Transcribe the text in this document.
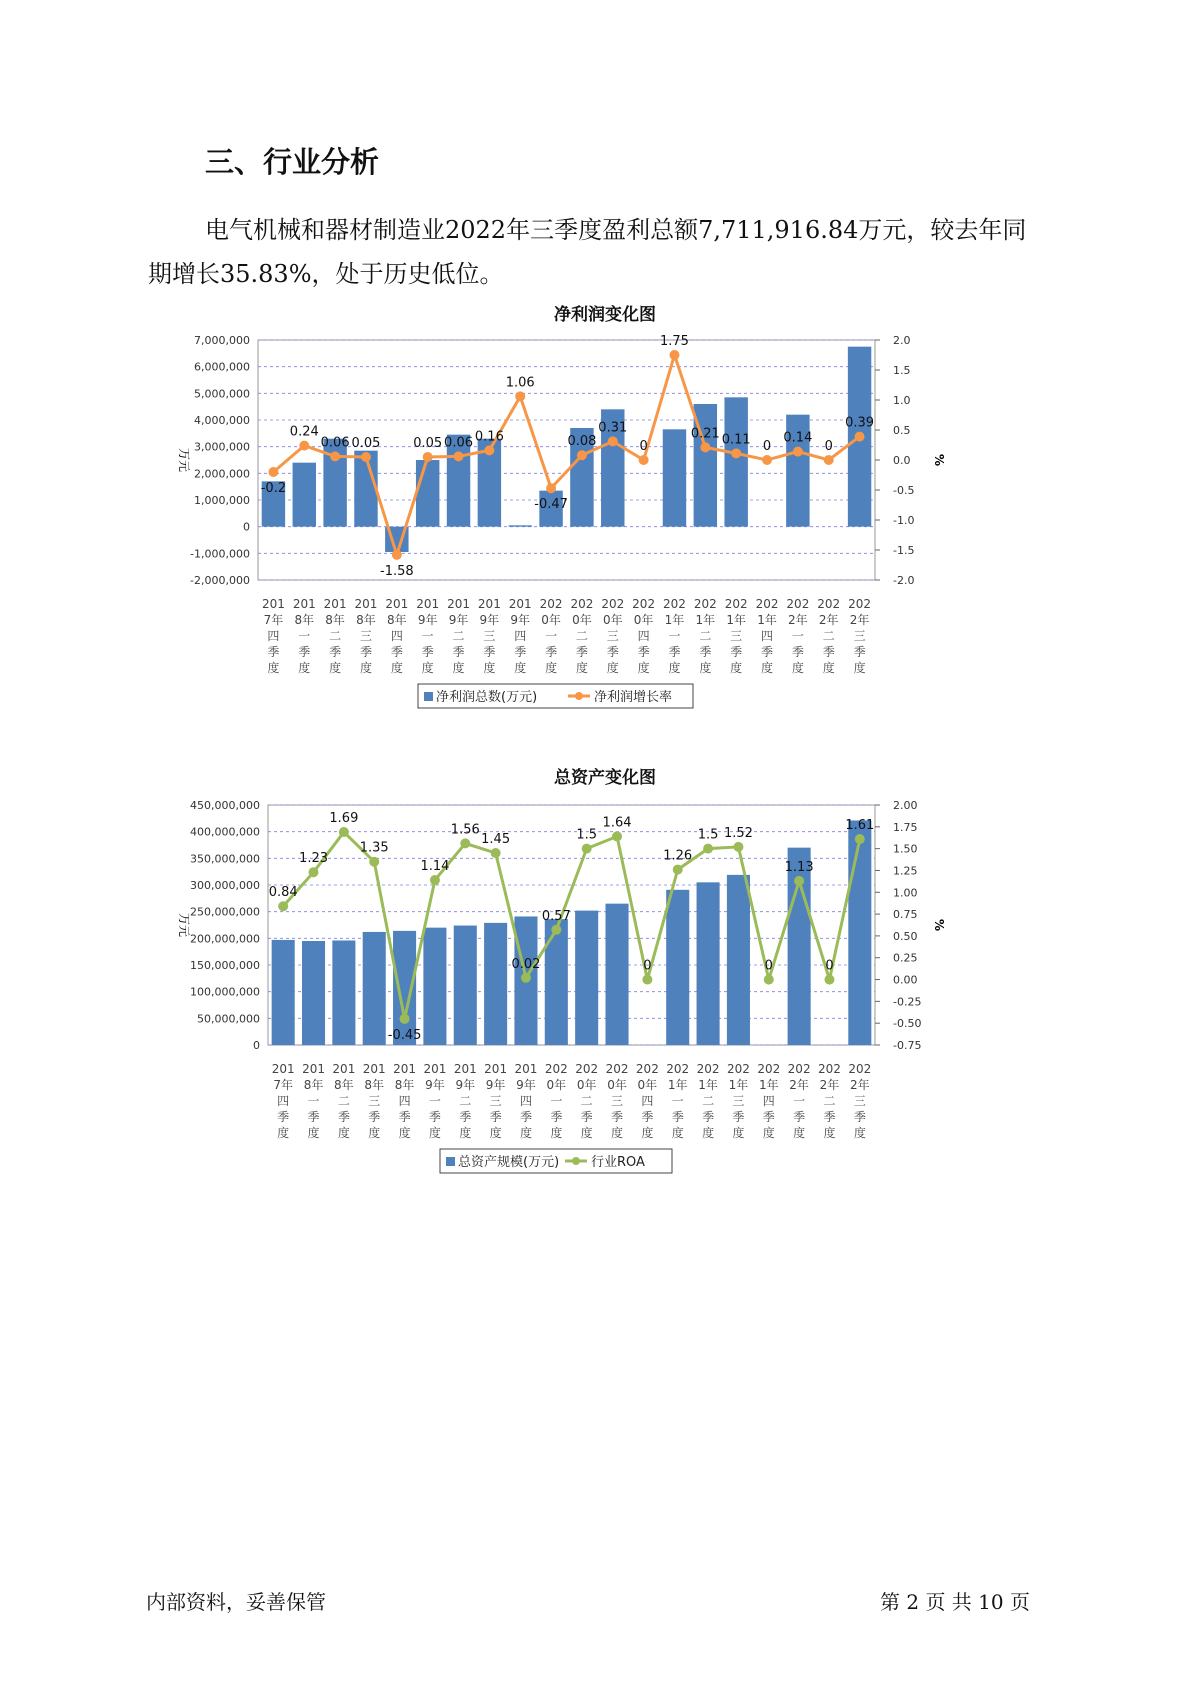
三、行业分析
电气机械和器材制造业2022年三季度盈利总额7,711,916.84万元，较去年同期增长35.83%，处于历史低位。
净利润变化图
7,000,000
6,000,000
5,000,000
4,000,000
3,000,000
2,000,000
1,000,000
0
-1,000,000
-2,000,000
2.0
1.5
1.0
0.5
0.0
-0.5
-1.0
-1.5
-2.0
万元	%
201 7年四季度
201 8年一季度
201 8年二季度
201 8年三季度
201 8年四季度
201 9年一季度
201 9年二季度
201 9年三季度
201 9年四季度
202 0年一季度
202 0年二季度
202 0年三季度
202 0年四季度
202 1年一季度
202 1年二季度
202 1年三季度
202 1年四季度
202 2年一季度
202 2年二季度
202 2年三季度
-0.2
0.24
0.06 0.05
-1.58
0.05 0.06 0.16
1.06
-0.47
0.08
0.31
0
1.75
0.21 0.11 0
0.14
0
0.39
净利润总数(万元)	净利润增长率
总资产变化图
450,000,000
400,000,000
350,000,000
300,000,000
250,000,000
200,000,000
150,000,000
100,000,000
50,000,000
0
2.00
1.75
1.50
1.25
1.00
0.75
0.50
0.25
0.00
-0.25
-0.50
-0.75
万元	%
201 7年四季度
201 8年一季度
201 8年二季度
201 8年三季度
201 8年四季度
201 9年一季度
201 9年二季度
201 9年三季度
201 9年四季度
202 0年一季度
202 0年二季度
202 0年三季度
202 0年四季度
202 1年一季度
202 1年二季度
202 1年三季度
202 1年四季度
202 2年一季度
202 2年二季度
202 2年三季度
0.84
1.23
1.69
1.35
-0.45
1.14
1.56
1.45
0.02
0.57
1.5
1.64
0
1.26
1.5 1.52
0
1.13
0
1.61
总资产规模(万元) 行业ROA
内部资料，妥善保管	第 2 页 共 10 页
